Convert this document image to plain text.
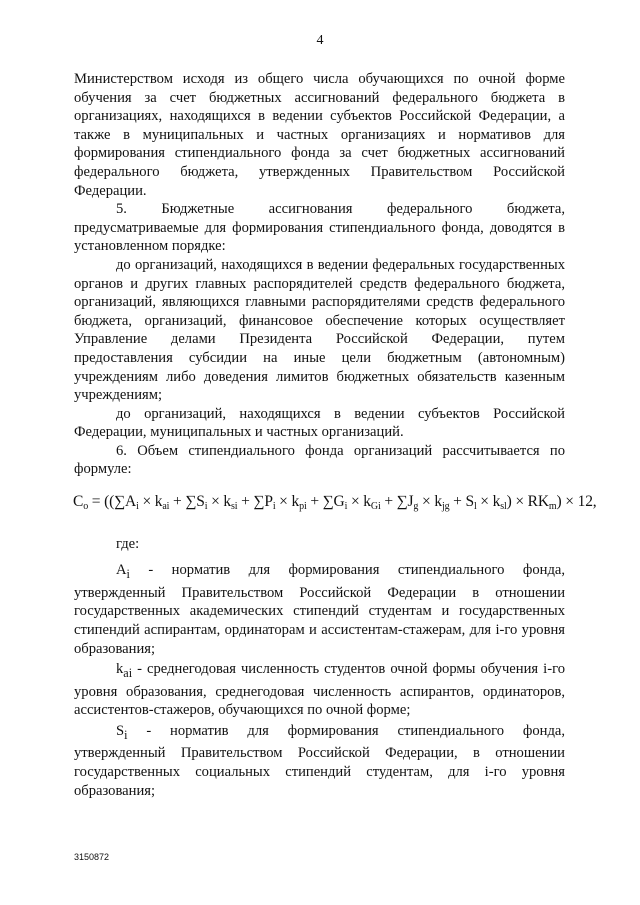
4

Министерством исходя из общего числа обучающихся по очной форме обучения за счет бюджетных ассигнований федерального бюджета в организациях, находящихся в ведении субъектов Российской Федерации, а также в муниципальных и частных организациях и нормативов для формирования стипендиального фонда за счет бюджетных ассигнований федерального бюджета, утвержденных Правительством Российской Федерации.

5. Бюджетные ассигнования федерального бюджета, предусматриваемые для формирования стипендиального фонда, доводятся в установленном порядке:

до организаций, находящихся в ведении федеральных государственных органов и других главных распорядителей средств федерального бюджета, организаций, являющихся главными распорядителями средств федерального бюджета, организаций, финансовое обеспечение которых осуществляет Управление делами Президента Российской Федерации, путем предоставления субсидии на иные цели бюджетным (автономным) учреждениям либо доведения лимитов бюджетных обязательств казенным учреждениям;

до организаций, находящихся в ведении субъектов Российской Федерации, муниципальных и частных организаций.

6. Объем стипендиального фонда организаций рассчитывается по формуле:

Co = ((∑Ai × kai + ∑Si × ksi + ∑Pi × kpi + ∑Gi × kGi + ∑Jg × kjg + Sl × ksl) × RKm) × 12,

где:

$A_i$ - норматив для формирования стипендиального фонда, утвержденный Правительством Российской Федерации в отношении государственных академических стипендий студентам и государственных стипендий аспирантам, ординаторам и ассистентам-стажерам, для i-го уровня образования;

$k_{ai}$ - среднегодовая численность студентов очной формы обучения i-го уровня образования, среднегодовая численность аспирантов, ординаторов, ассистентов-стажеров, обучающихся по очной форме;

$S_i$ - норматив для формирования стипендиального фонда, утвержденный Правительством Российской Федерации, в отношении государственных социальных стипендий студентам, для i-го уровня образования;

3150872
